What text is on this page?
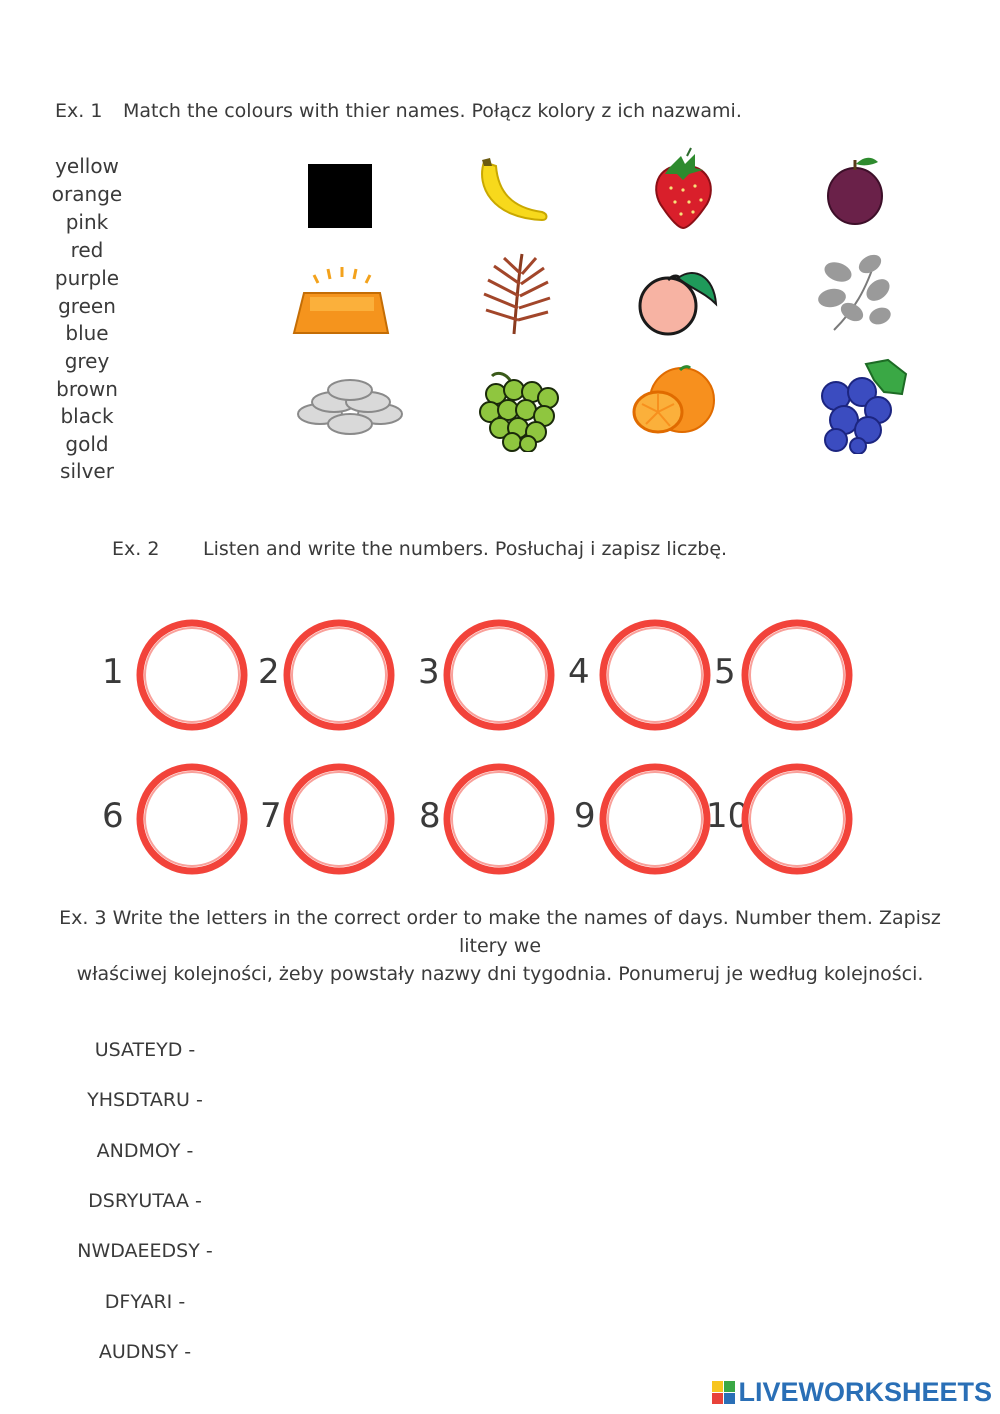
Ex. 1 Match the colours with thier names. Połącz kolory z ich nazwami.
yellow
orange
pink
red
purple
green
blue
grey
brown
black
gold
silver
Ex. 2 Listen and write the numbers. Posłuchaj i zapisz liczbę.
1	2	3	4	5
6	7	8	9	10
Ex. 3 Write the letters in the correct order to make the names of days. Number them. Zapisz litery we
właściwej kolejności, żeby powstały nazwy dni tygodnia. Ponumeruj je według kolejności.
USATEYD -
YHSDTARU -
ANDMOY -
DSRYUTAA -
NWDAEEDSY -
DFYARI -
AUDNSY -
LIVEWORKSHEETS
